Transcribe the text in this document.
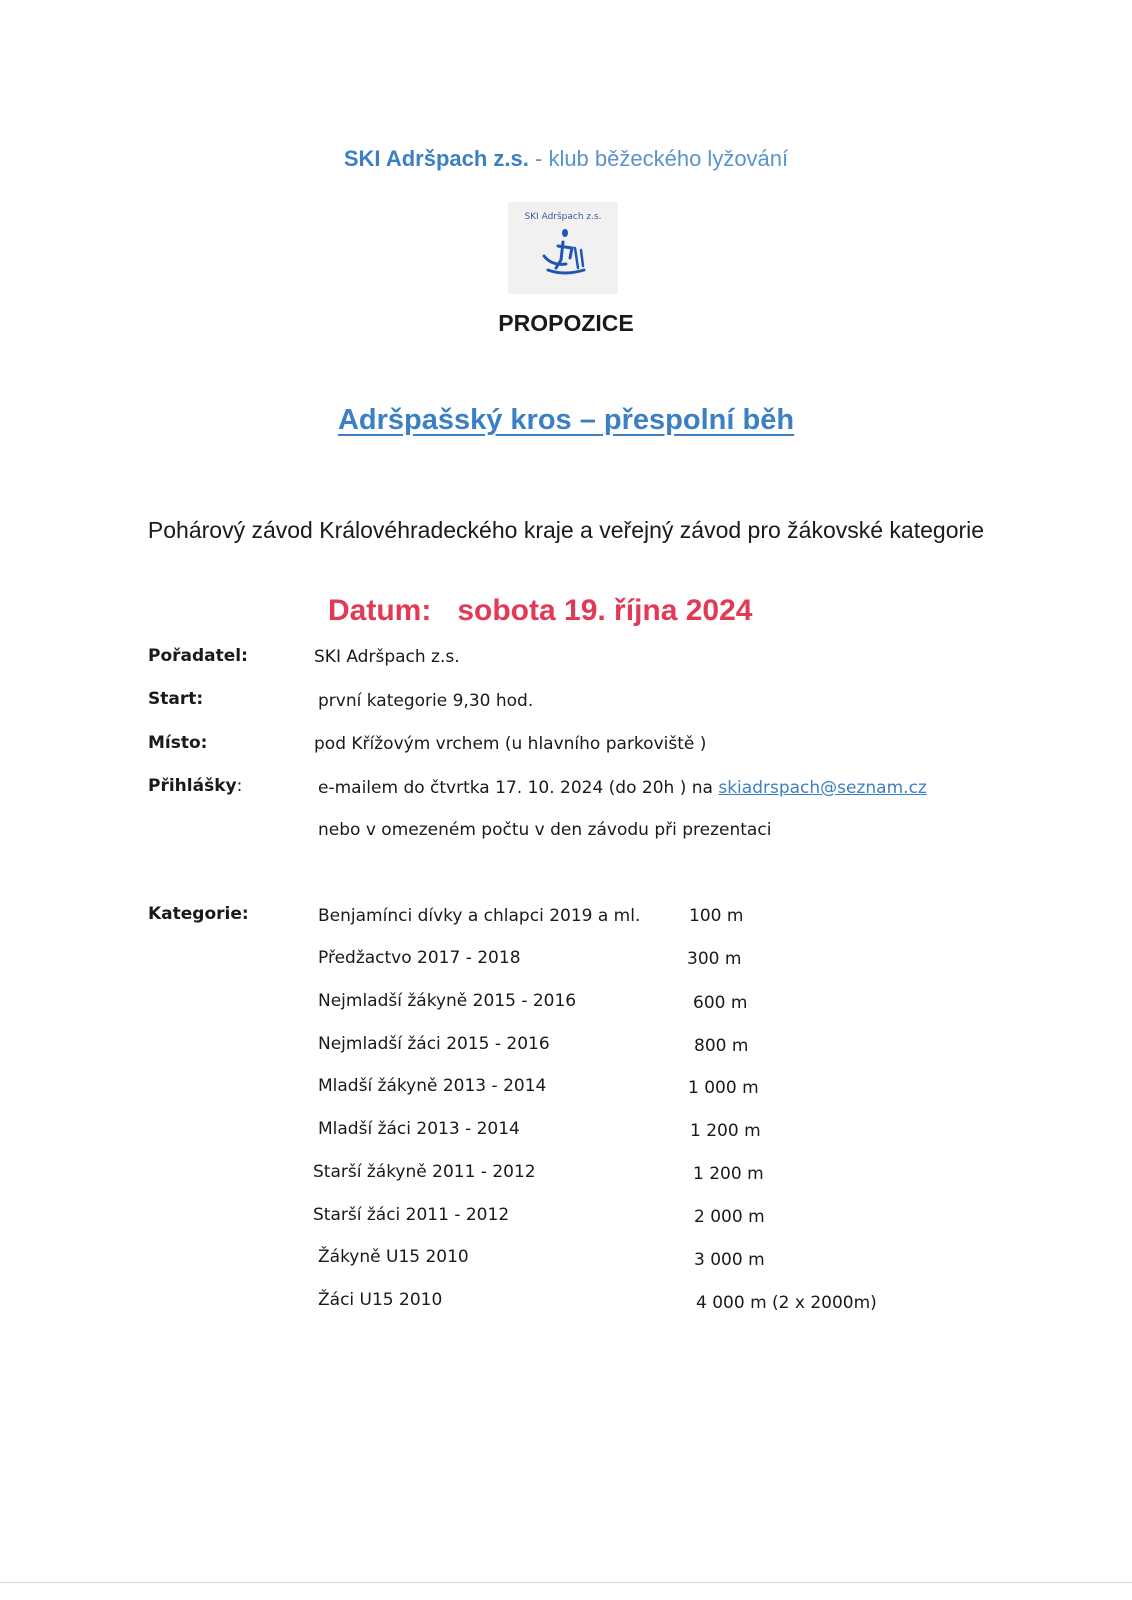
SKI Adršpach z.s. - klub běžeckého lyžování
SKI Adršpach z.s.
PROPOZICE
Adršpašský kros – přespolní běh
Pohárový závod Královéhradeckého kraje a veřejný závod pro žákovské kategorie
Datum: sobota 19. října 2024
Pořadatel:	SKI Adršpach z.s.
Start:	první kategorie 9,30 hod.
Místo:	pod Křížovým vrchem (u hlavního parkoviště )
Přihlášky:	e-mailem do čtvrtka 17. 10. 2024 (do 20h ) na skiadrspach@seznam.cz
nebo v omezeném počtu v den závodu při prezentaci
Kategorie:	Benjamínci dívky a chlapci 2019 a ml.	100 m
Předžactvo 2017 - 2018	300 m
Nejmladší žákyně 2015 - 2016	600 m
Nejmladší žáci 2015 - 2016	800 m
Mladší žákyně 2013 - 2014	1 000 m
Mladší žáci 2013 - 2014	1 200 m
Starší žákyně 2011 - 2012	1 200 m
Starší žáci 2011 - 2012	2 000 m
Žákyně U15 2010	3 000 m
Žáci U15 2010	4 000 m (2 x 2000m)
